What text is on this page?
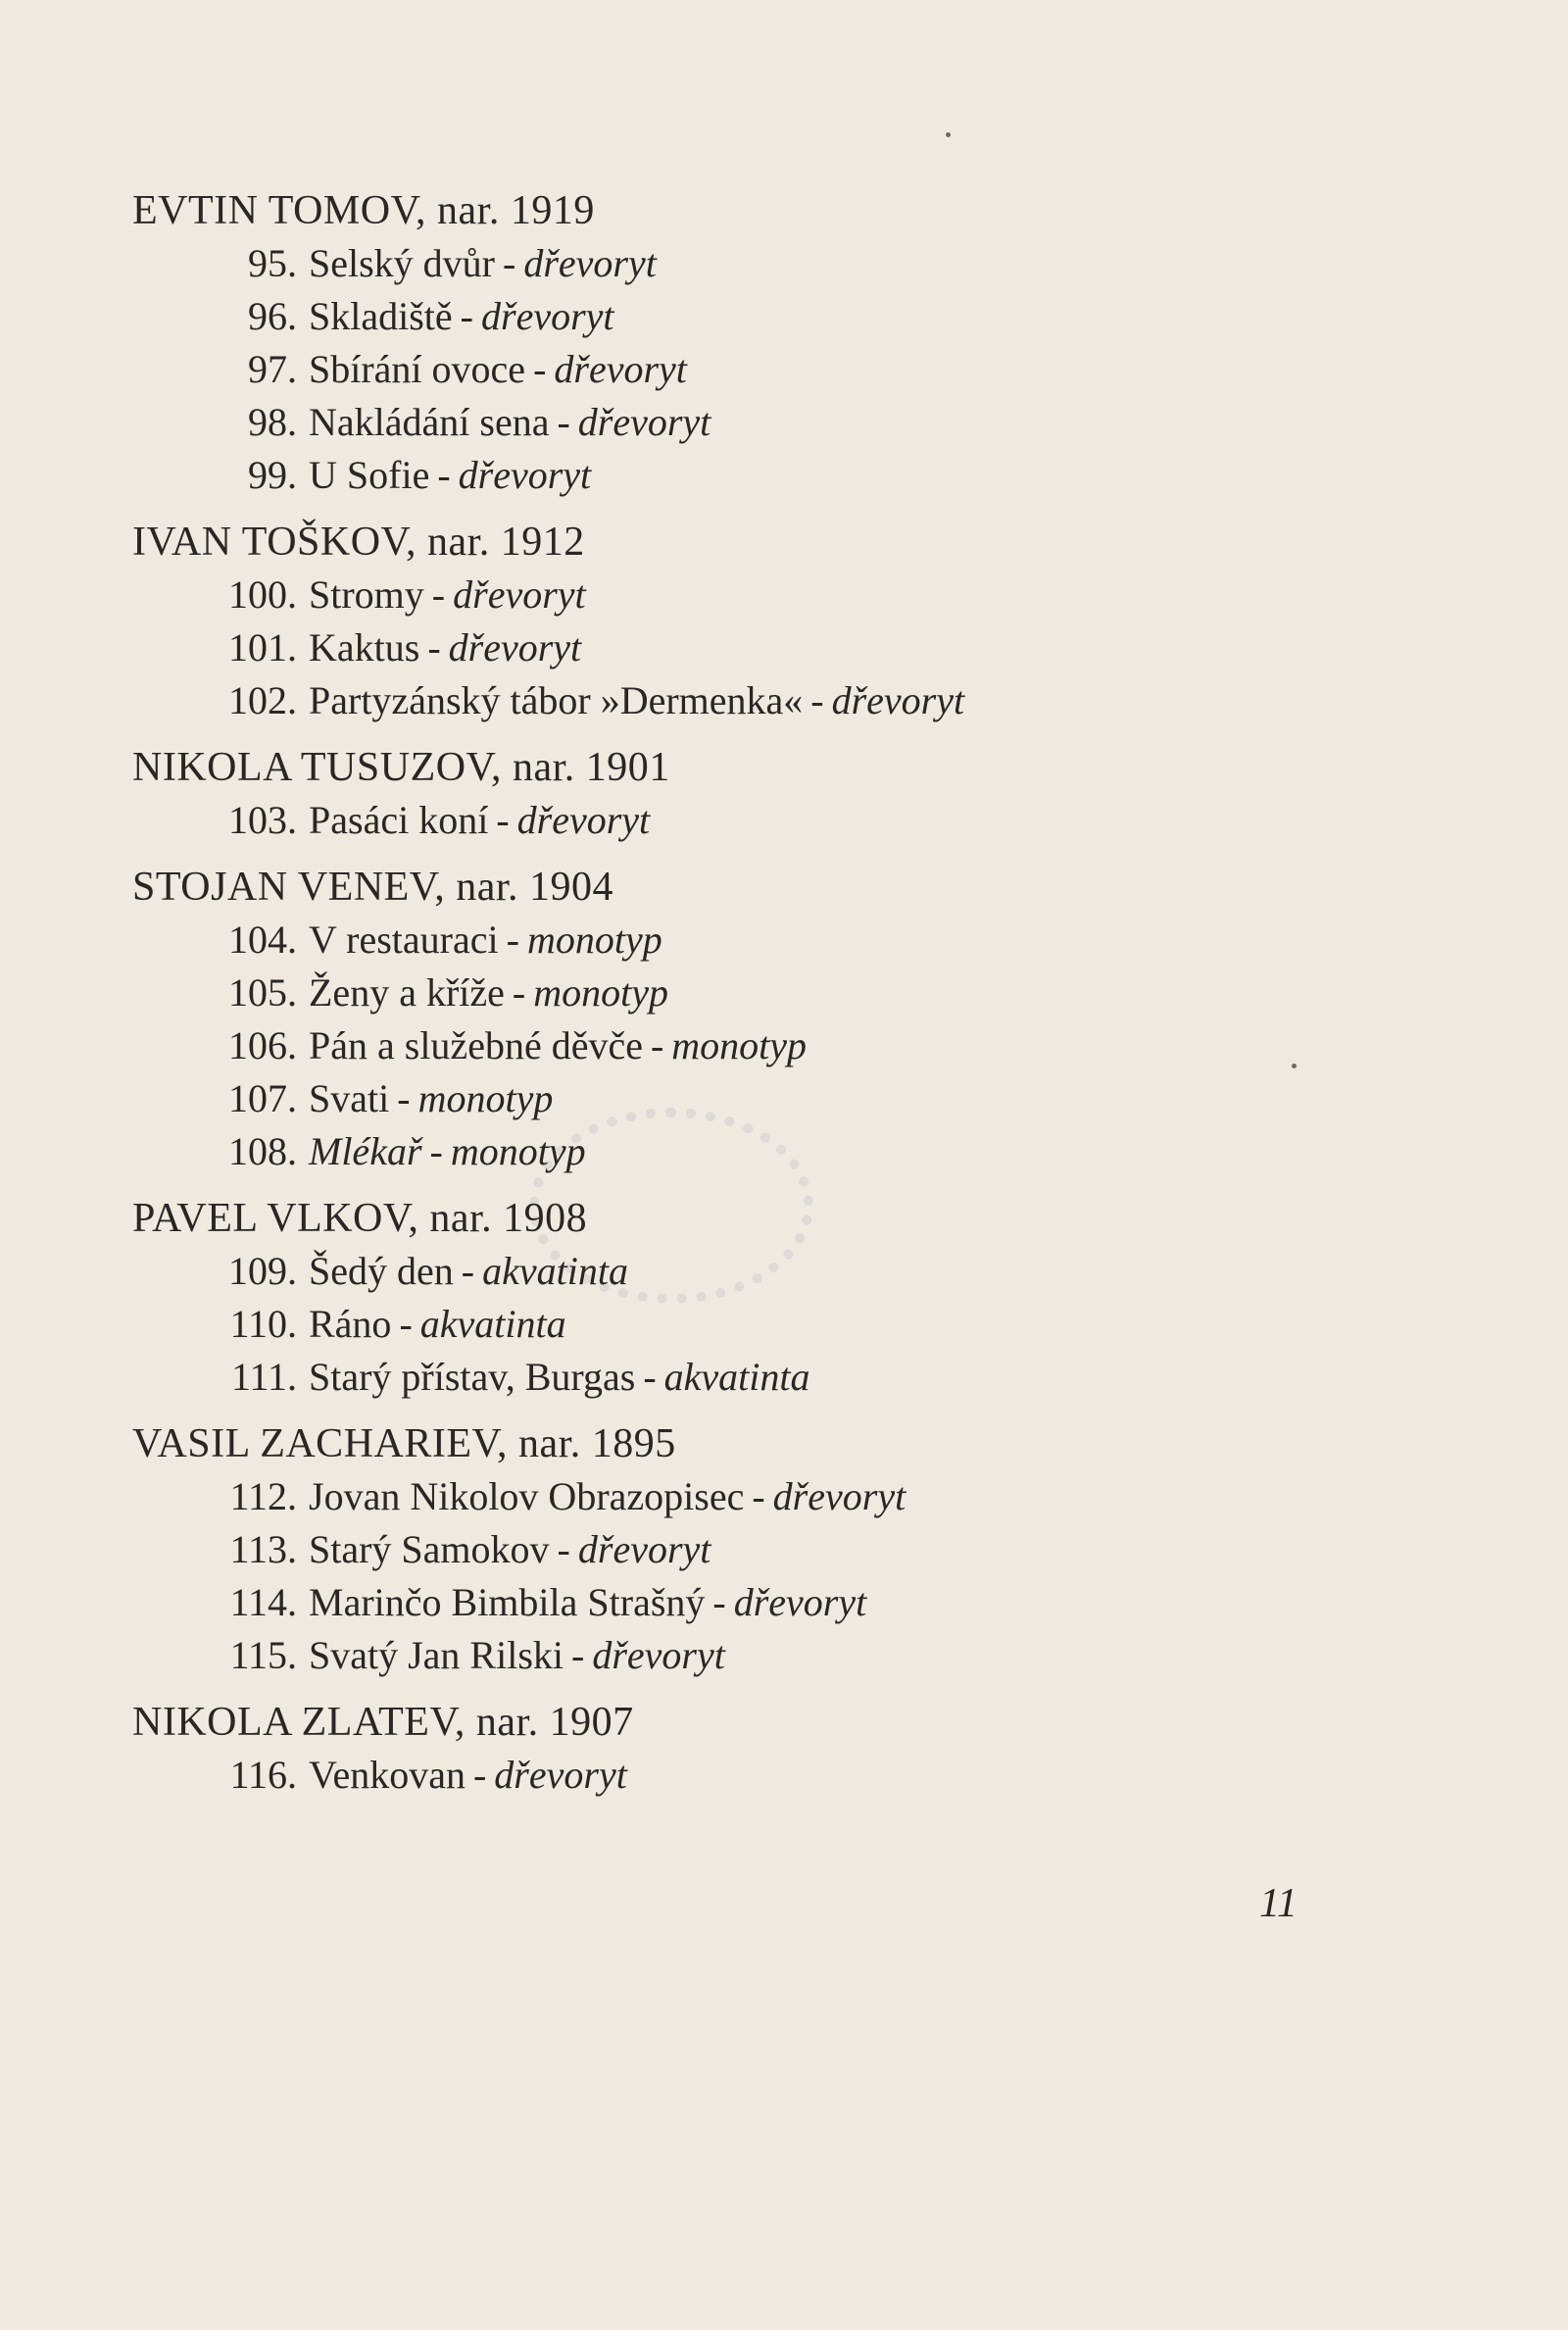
EVTIN TOMOV, nar. 1919
95. Selský dvůr - dřevoryt
96. Skladiště - dřevoryt
97. Sbírání ovoce - dřevoryt
98. Nakládání sena - dřevoryt
99. U Sofie - dřevoryt
IVAN TOŠKOV, nar. 1912
100. Stromy - dřevoryt
101. Kaktus - dřevoryt
102. Partyzánský tábor »Dermenka« - dřevoryt
NIKOLA TUSUZOV, nar. 1901
103. Pasáci koní - dřevoryt
STOJAN VENEV, nar. 1904
104. V restauraci - monotyp
105. Ženy a kříže - monotyp
106. Pán a služebné děvče - monotyp
107. Svati - monotyp
108. Mlékař - monotyp
PAVEL VLKOV, nar. 1908
109. Šedý den - akvatinta
110. Ráno - akvatinta
111. Starý přístav, Burgas - akvatinta
VASIL ZACHARIEV, nar. 1895
112. Jovan Nikolov Obrazopisec - dřevoryt
113. Starý Samokov - dřevoryt
114. Marinčo Bimbila Strašný - dřevoryt
115. Svatý Jan Rilski - dřevoryt
NIKOLA ZLATEV, nar. 1907
116. Venkovan - dřevoryt
11
